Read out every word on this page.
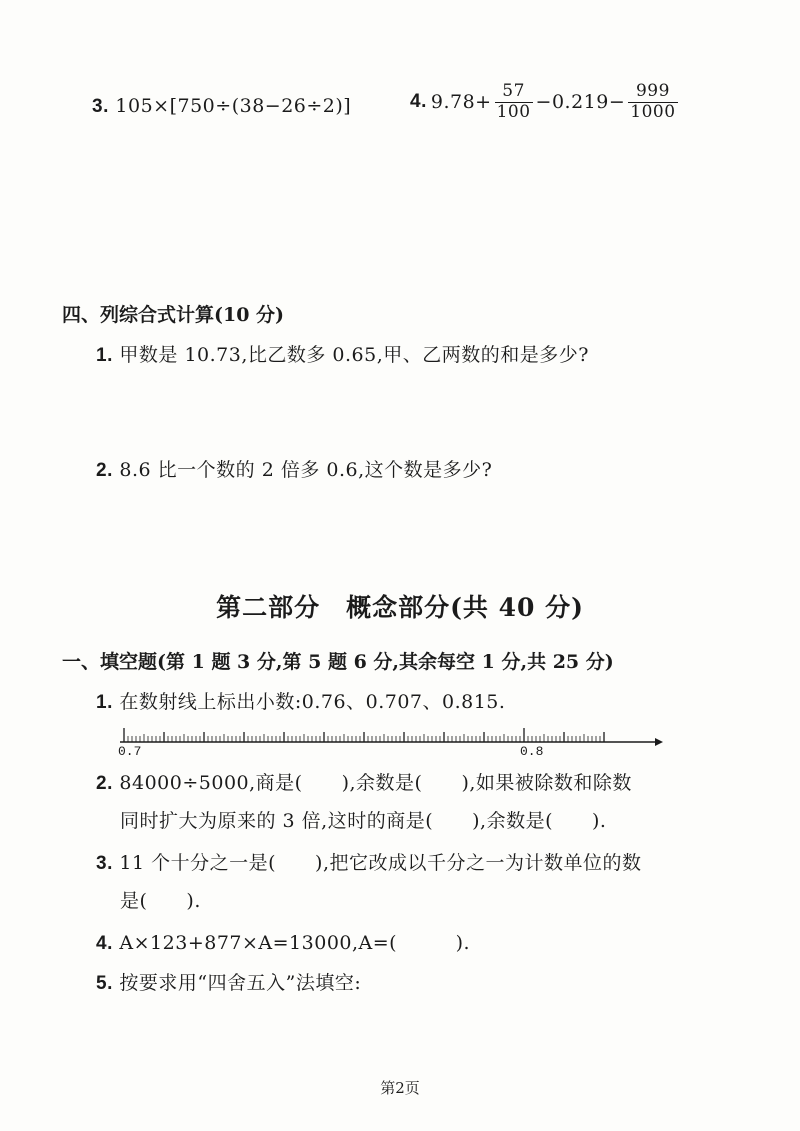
3. 105×[750÷(38−26÷2)]	4. $9.78+ \frac{57}{100} -0.219- \frac{999}{1000}$
四、列综合式计算(10 分)
1. 甲数是 10.73,比乙数多 0.65,甲、乙两数的和是多少?
2. 8.6 比一个数的 2 倍多 0.6,这个数是多少?
第二部分　概念部分(共 40 分)
一、填空题(第 1 题 3 分,第 5 题 6 分,其余每空 1 分,共 25 分)
1. 在数射线上标出小数:0.76、0.707、0.815.
0.7	0.8
2. 84000÷5000,商是(　　),余数是(　　),如果被除数和除数
同时扩大为原来的 3 倍,这时的商是(　　),余数是(　　).
3. 11 个十分之一是(　　),把它改成以千分之一为计数单位的数
是(　　).
4. A×123+877×A=13000,A=(　　　).
5. 按要求用“四舍五入”法填空:
第2页
